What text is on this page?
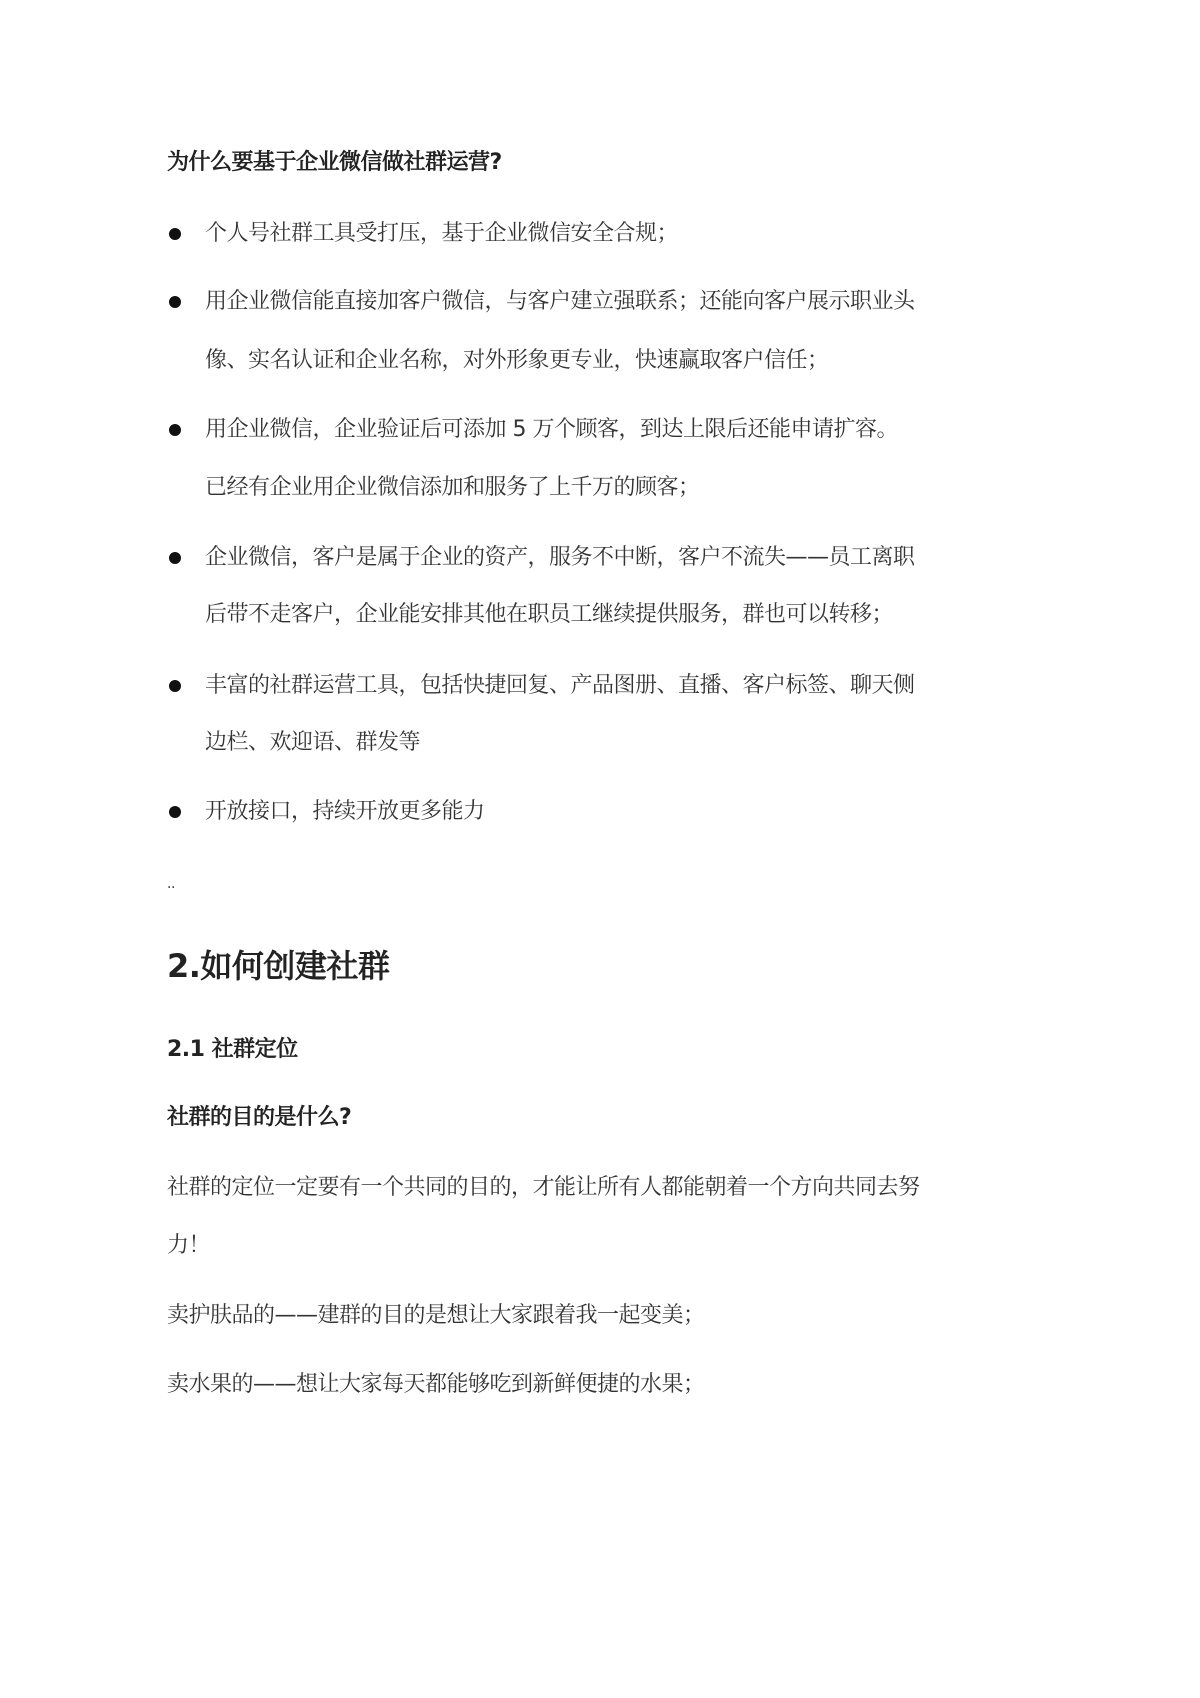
为什么要基于企业微信做社群运营?
个人号社群工具受打压，基于企业微信安全合规；
用企业微信能直接加客户微信，与客户建立强联系；还能向客户展示职业头
像、实名认证和企业名称，对外形象更专业，快速赢取客户信任；
用企业微信，企业验证后可添加 5 万个顾客，到达上限后还能申请扩容。
已经有企业用企业微信添加和服务了上千万的顾客；
企业微信，客户是属于企业的资产，服务不中断，客户不流失——员工离职
后带不走客户，企业能安排其他在职员工继续提供服务，群也可以转移；
丰富的社群运营工具，包括快捷回复、产品图册、直播、客户标签、聊天侧
边栏、欢迎语、群发等
开放接口，持续开放更多能力
..
2.如何创建社群
2.1 社群定位
社群的目的是什么?
社群的定位一定要有一个共同的目的，才能让所有人都能朝着一个方向共同去努
力！
卖护肤品的——建群的目的是想让大家跟着我一起变美；
卖水果的——想让大家每天都能够吃到新鲜便捷的水果；
